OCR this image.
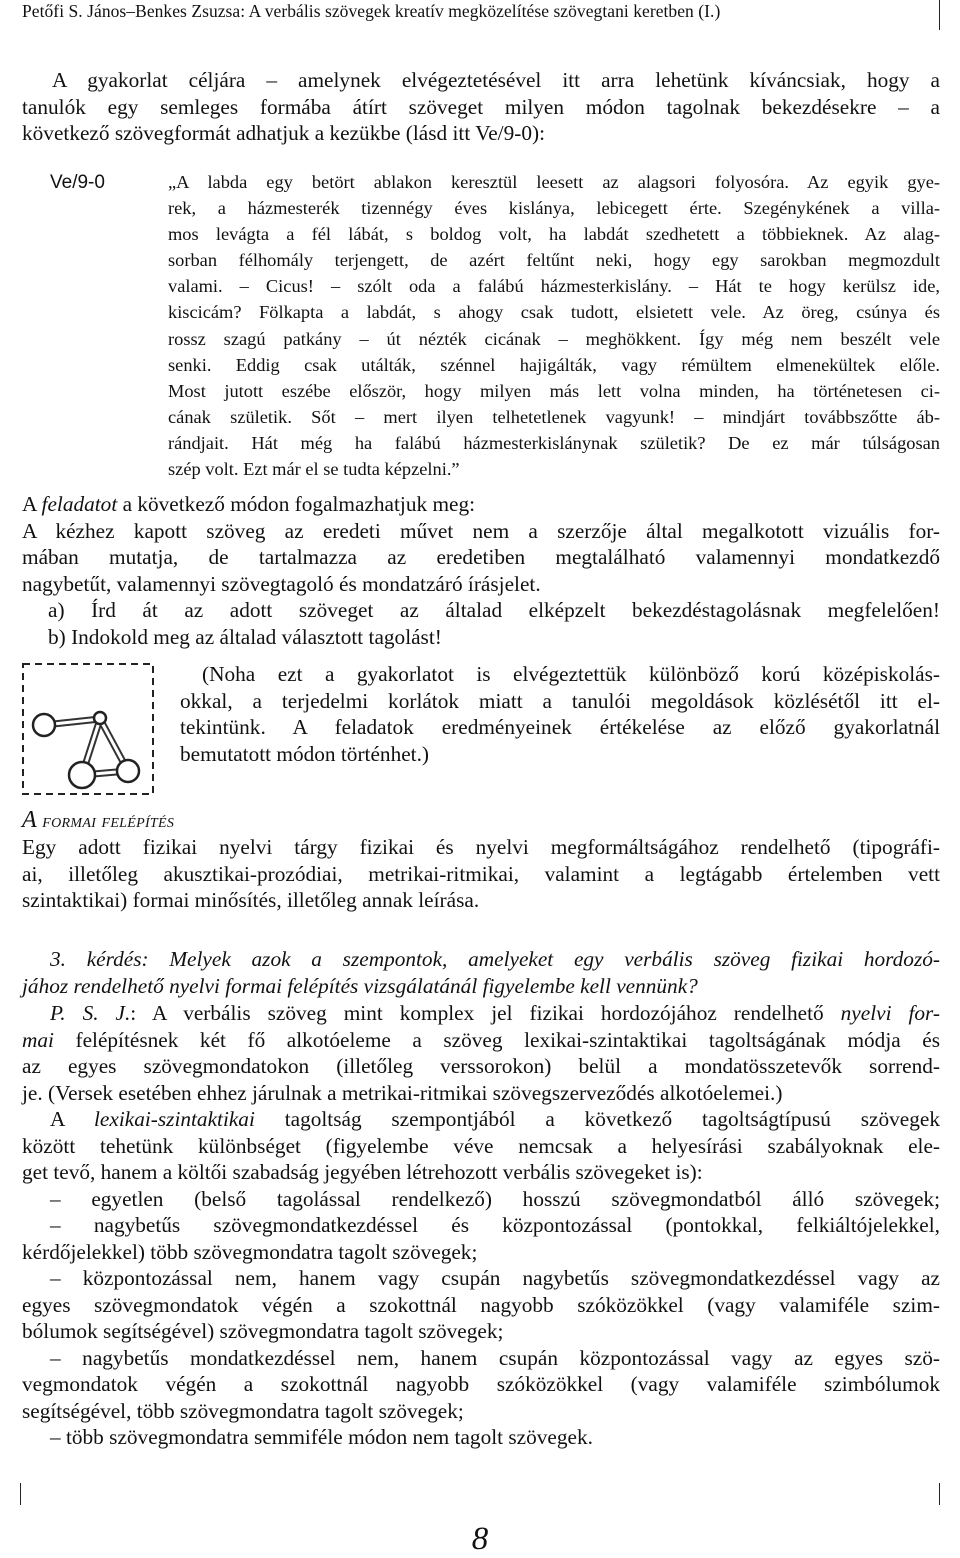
Petőfi S. János–Benkes Zsuzsa: A verbális szövegek kreatív megközelítése szövegtani keretben (I.)
A gyakorlat céljára – amelynek elvégeztetésével itt arra lehetünk kíváncsiak, hogy a
tanulók egy semleges formába átírt szöveget milyen módon tagolnak bekezdésekre – a
következő szövegformát adhatjuk a kezükbe (lásd itt Ve/9-0):
Ve/9-0	„A labda egy betört ablakon keresztül leesett az alagsori folyosóra. Az egyik gye-
rek, a házmesterék tizennégy éves kislánya, lebicegett érte. Szegénykének a villa-
mos levágta a fél lábát, s boldog volt, ha labdát szedhetett a többieknek. Az alag-
sorban félhomály terjengett, de azért feltűnt neki, hogy egy sarokban megmozdult
valami. – Cicus! – szólt oda a falábú házmesterkislány. – Hát te hogy kerülsz ide,
kiscicám? Fölkapta a labdát, s ahogy csak tudott, elsietett vele. Az öreg, csúnya és
rossz szagú patkány – út nézték cicának – meghökkent. Így még nem beszélt vele
senki. Eddig csak utálták, szénnel hajigálták, vagy rémültem elmenekültek előle.
Most jutott eszébe először, hogy milyen más lett volna minden, ha történetesen ci-
cának születik. Sőt – mert ilyen telhetetlenek vagyunk! – mindjárt továbbszőtte áb-
rándjait. Hát még ha falábú házmesterkislánynak születik? De ez már túlságosan
szép volt. Ezt már el se tudta képzelni.”
A feladatot a következő módon fogalmazhatjuk meg:
A kézhez kapott szöveg az eredeti művet nem a szerzője által megalkotott vizuális for-
mában mutatja, de tartalmazza az eredetiben megtalálható valamennyi mondatkezdő
nagybetűt, valamennyi szövegtagoló és mondatzáró írásjelet.
a) Írd át az adott szöveget az általad elképzelt bekezdéstagolásnak megfelelően!
b) Indokold meg az általad választott tagolást!
(Noha ezt a gyakorlatot is elvégeztettük különböző korú középiskolás-
okkal, a terjedelmi korlátok miatt a tanulói megoldások közlésétől itt el-
tekintünk. A feladatok eredményeinek értékelése az előző gyakorlatnál
bemutatott módon történhet.)
A formai felépítés
Egy adott fizikai nyelvi tárgy fizikai és nyelvi megformáltságához rendelhető (tipográfi-
ai, illetőleg akusztikai-prozódiai, metrikai-ritmikai, valamint a legtágabb értelemben vett
szintaktikai) formai minősítés, illetőleg annak leírása.
3. kérdés: Melyek azok a szempontok, amelyeket egy verbális szöveg fizikai hordozó-
jához rendelhető nyelvi formai felépítés vizsgálatánál figyelembe kell vennünk?
P. S. J.: A verbális szöveg mint komplex jel fizikai hordozójához rendelhető nyelvi for-
mai felépítésnek két fő alkotóeleme a szöveg lexikai-szintaktikai tagoltságának módja és
az egyes szövegmondatokon (illetőleg verssorokon) belül a mondatösszetevők sorrend-
je. (Versek esetében ehhez járulnak a metrikai-ritmikai szövegszerveződés alkotóelemei.)
A lexikai-szintaktikai tagoltság szempontjából a következő tagoltságtípusú szövegek
között tehetünk különbséget (figyelembe véve nemcsak a helyesírási szabályoknak ele-
get tevő, hanem a költői szabadság jegyében létrehozott verbális szövegeket is):
– egyetlen (belső tagolással rendelkező) hosszú szövegmondatból álló szövegek;
– nagybetűs szövegmondatkezdéssel és központozással (pontokkal, felkiáltójelekkel,
kérdőjelekkel) több szövegmondatra tagolt szövegek;
– központozással nem, hanem vagy csupán nagybetűs szövegmondatkezdéssel vagy az
egyes szövegmondatok végén a szokottnál nagyobb szóközökkel (vagy valamiféle szim-
bólumok segítségével) szövegmondatra tagolt szövegek;
– nagybetűs mondatkezdéssel nem, hanem csupán központozással vagy az egyes szö-
vegmondatok végén a szokottnál nagyobb szóközökkel (vagy valamiféle szimbólumok
segítségével, több szövegmondatra tagolt szövegek;
– több szövegmondatra semmiféle módon nem tagolt szövegek.
8
